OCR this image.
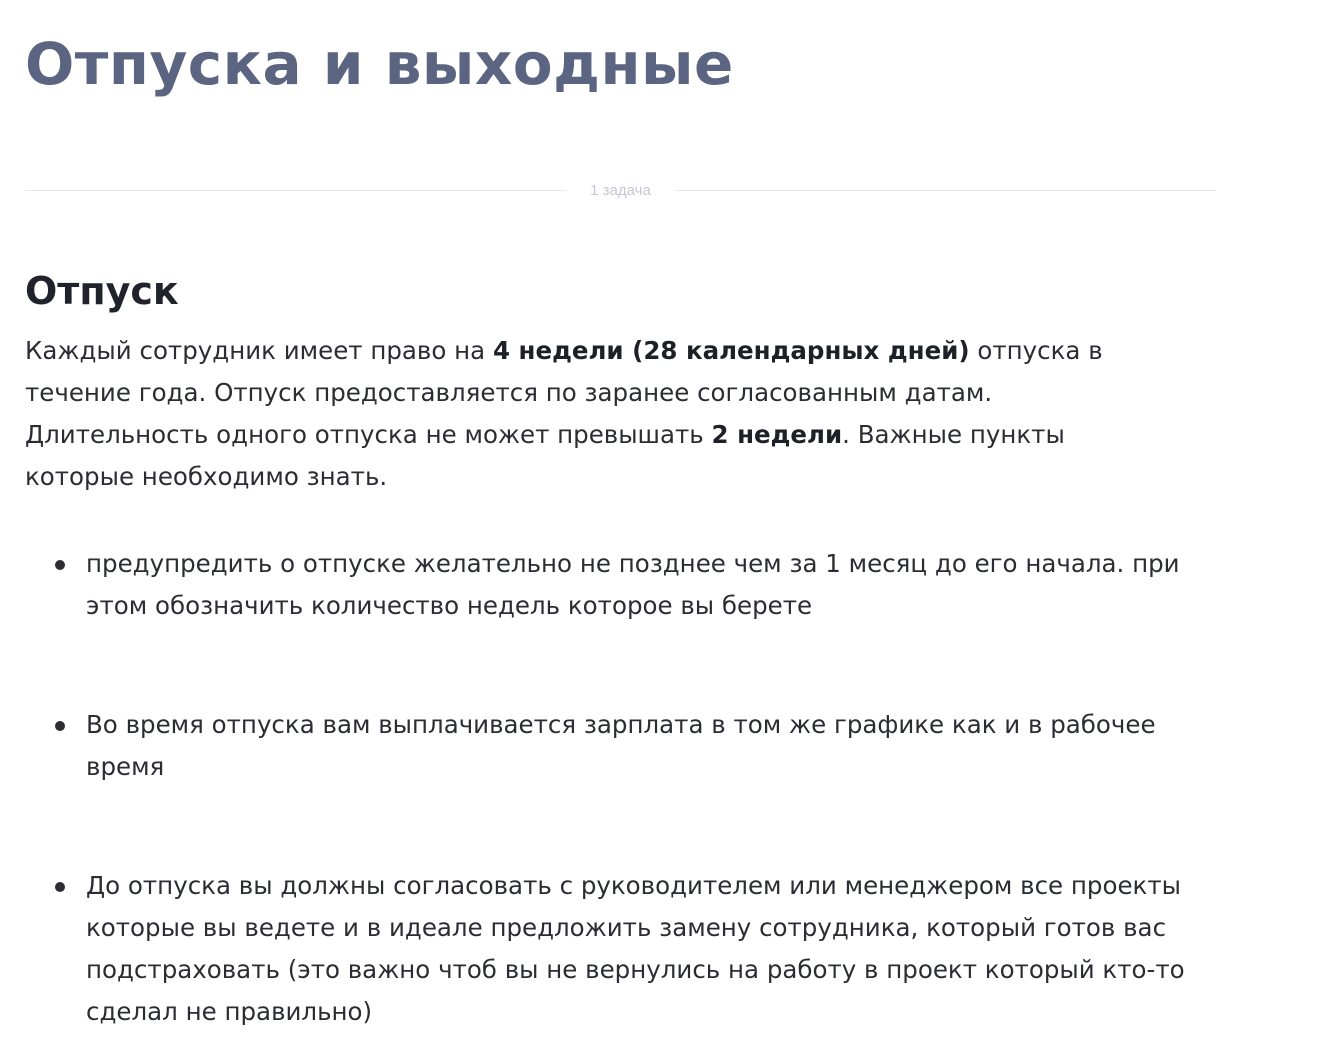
Отпуска и выходные
1 задача
Отпуск

Каждый сотрудник имеет право на 4 недели (28 календарных дней) отпуска в течение года. Отпуск предоставляется по заранее согласованным датам. Длительность одного отпуска не может превышать 2 недели. Важные пункты которые необходимо знать.

предупредить о отпуске желательно не позднее чем за 1 месяц до его начала. при этом обозначить количество недель которое вы берете
Во время отпуска вам выплачивается зарплата в том же графике как и в рабочее время
До отпуска вы должны согласовать с руководителем или менеджером все проекты которые вы ведете и в идеале предложить замену сотрудника, который готов вас подстраховать (это важно чтоб вы не вернулись на работу в проект который кто-то сделал не правильно)
